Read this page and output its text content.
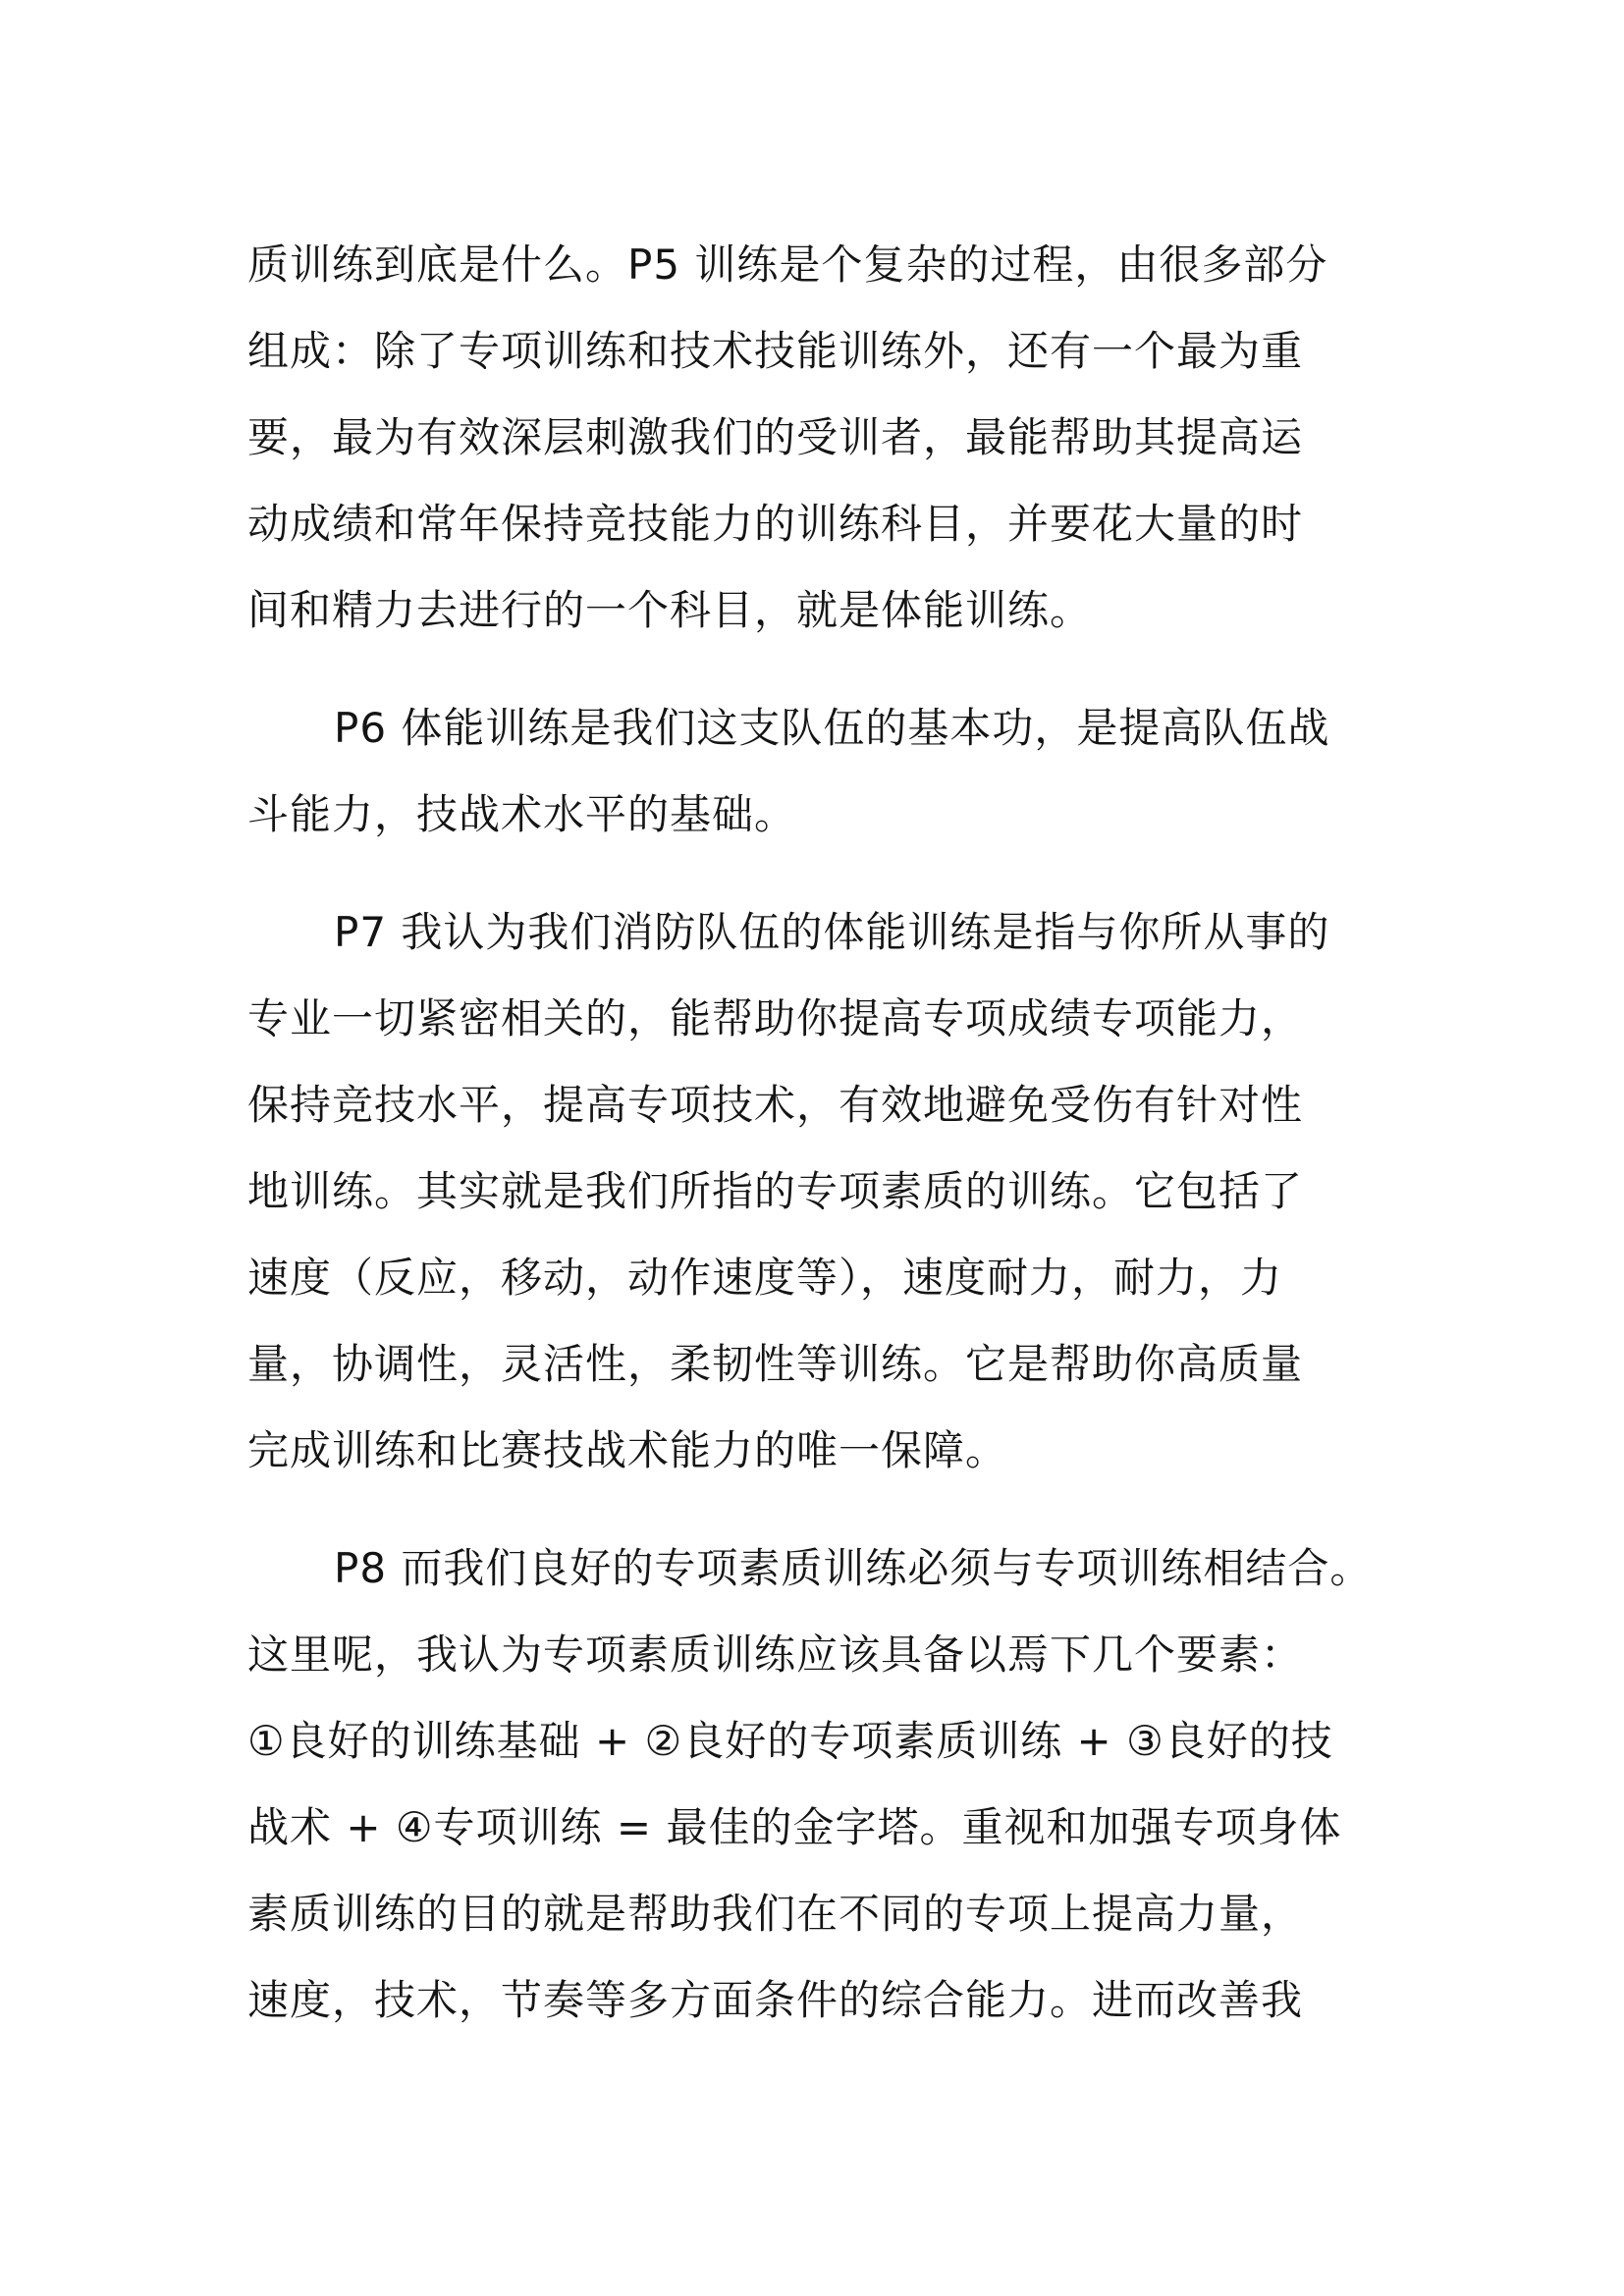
质训练到底是什么。P5 训练是个复杂的过程，由很多部分
组成：除了专项训练和技术技能训练外，还有一个最为重
要，最为有效深层刺激我们的受训者，最能帮助其提高运
动成绩和常年保持竞技能力的训练科目，并要花大量的时
间和精力去进行的一个科目，就是体能训练。

P6 体能训练是我们这支队伍的基本功，是提高队伍战
斗能力，技战术水平的基础。

P7 我认为我们消防队伍的体能训练是指与你所从事的
专业一切紧密相关的，能帮助你提高专项成绩专项能力，
保持竞技水平，提高专项技术，有效地避免受伤有针对性
地训练。其实就是我们所指的专项素质的训练。它包括了
速度（反应，移动，动作速度等），速度耐力，耐力，力
量，协调性，灵活性，柔韧性等训练。它是帮助你高质量
完成训练和比赛技战术能力的唯一保障。

P8 而我们良好的专项素质训练必须与专项训练相结合。
这里呢，我认为专项素质训练应该具备以焉下几个要素：
①良好的训练基础 + ②良好的专项素质训练 + ③良好的技
战术 + ④专项训练 = 最佳的金字塔。重视和加强专项身体
素质训练的目的就是帮助我们在不同的专项上提高力量，
速度，技术，节奏等多方面条件的综合能力。进而改善我
